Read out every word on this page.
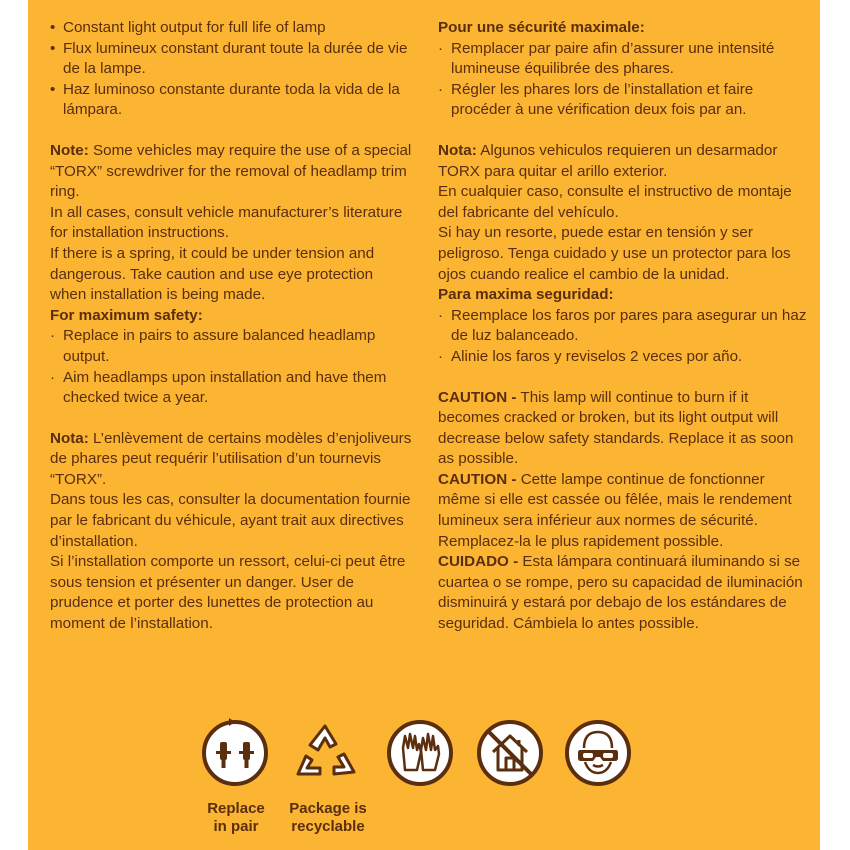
• Constant light output for full life of lamp
• Flux lumineux constant durant toute la durée de vie de la lampe.
• Haz luminoso constante durante toda la vida de la lámpara.

Note: Some vehicles may require the use of a special “TORX” screwdriver for the removal of headlamp trim ring.

In all cases, consult vehicle manufacturer’s literature for installation instructions.

If there is a spring, it could be under tension and dangerous. Take caution and use eye protection when installation is being made.

For maximum safety:

· Replace in pairs to assure balanced headlamp output.
· Aim headlamps upon installation and have them checked twice a year.

Nota: L’enlèvement de certains modèles d’enjoliveurs de phares peut requérir l’utilisation d’un tournevis “TORX”.

Dans tous les cas, consulter la documentation fournie par le fabricant du véhicule, ayant trait aux directives d’installation.

Si l’installation comporte un ressort, celui-ci peut être sous tension et présenter un danger. User de prudence et porter des lunettes de protection au moment de l’installation.

Pour une sécurité maximale:

· Remplacer par paire afin d’assurer une intensité lumineuse équilibrée des phares.
· Régler les phares lors de l’installation et faire procéder à une vérification deux fois par an.

Nota: Algunos vehiculos requieren un desarmador TORX para quitar el arillo exterior.

En cualquier caso, consulte el instructivo de montaje del fabricante del vehículo.

Si hay un resorte, puede estar en tensión y ser peligroso. Tenga cuidado y use un protector para los ojos cuando realice el cambio de la unidad.

Para maxima seguridad:

· Reemplace los faros por pares para asegurar un haz de luz balanceado.
· Alinie los faros y reviselos 2 veces por año.

CAUTION - This lamp will continue to burn if it becomes cracked or broken, but its light output will decrease below safety standards. Replace it as soon as possible.

CAUTION - Cette lampe continue de fonctionner même si elle est cassée ou fêlée, mais le rendement lumineux sera inférieur aux normes de sécurité. Remplacez-la le plus rapidement possible.

CUIDADO - Esta lámpara continuará iluminando si se cuartea o se rompe, pero su capacidad de iluminación disminuirá y estará por debajo de los estándares de seguridad. Cámbiela lo antes possible.

Replace
in pair
Package is
recyclable
